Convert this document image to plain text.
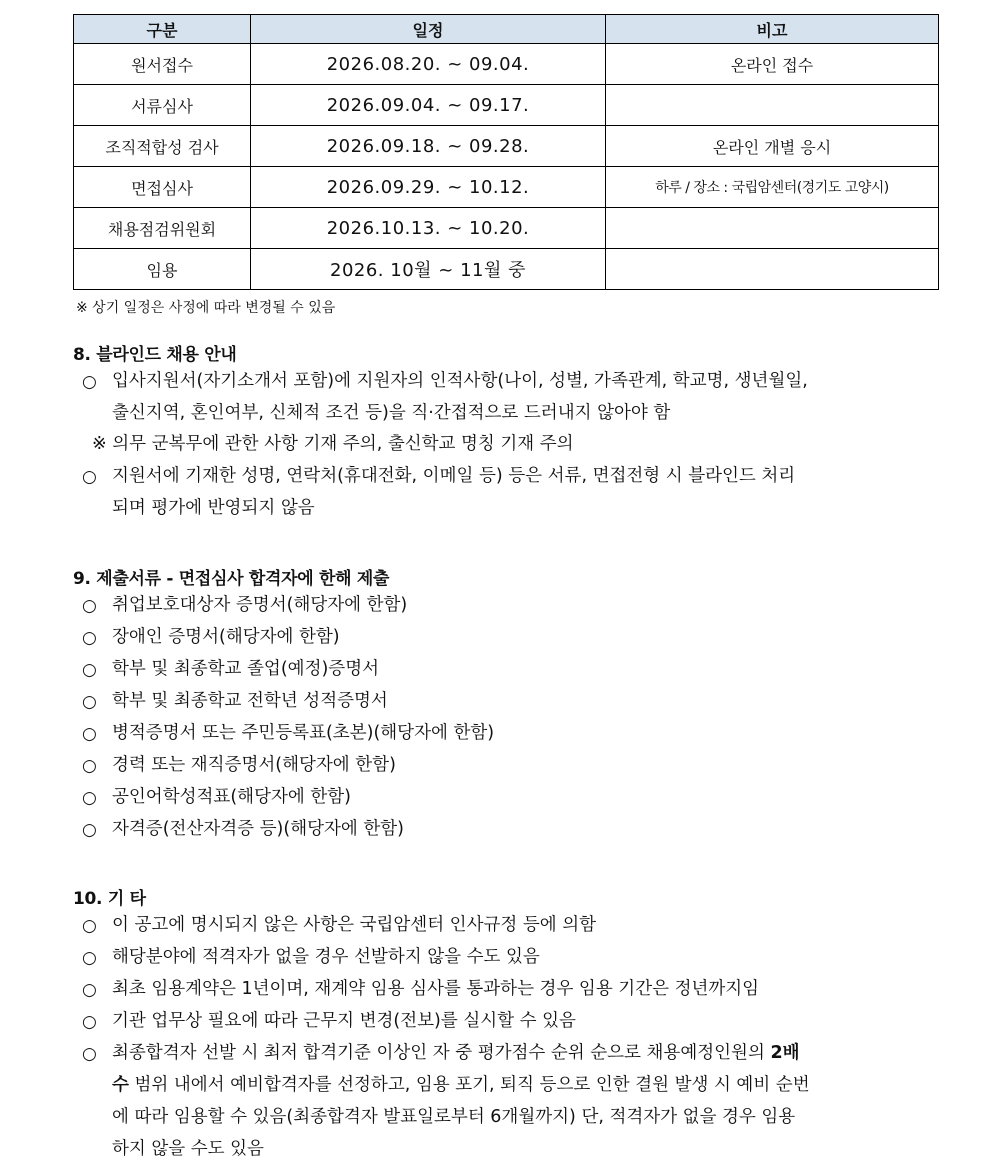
구분	일정	비고
원서접수	2026.08.20. ~ 09.04.	온라인 접수
서류심사	2026.09.04. ~ 09.17.	
조직적합성 검사	2026.09.18. ~ 09.28.	온라인 개별 응시
면접심사	2026.09.29. ~ 10.12.	하루 / 장소 : 국립암센터(경기도 고양시)
채용점검위원회	2026.10.13. ~ 10.20.	
임용	2026. 10월 ~ 11월 중	
※ 상기 일정은 사정에 따라 변경될 수 있음
8. 블라인드 채용 안내
○ 입사지원서(자기소개서 포함)에 지원자의 인적사항(나이, 성별, 가족관계, 학교명, 생년월일,
출신지역, 혼인여부, 신체적 조건 등)을 직·간접적으로 드러내지 않아야 함
※ 의무 군복무에 관한 사항 기재 주의, 출신학교 명칭 기재 주의
○ 지원서에 기재한 성명, 연락처(휴대전화, 이메일 등) 등은 서류, 면접전형 시 블라인드 처리
되며 평가에 반영되지 않음
9. 제출서류 - 면접심사 합격자에 한해 제출
○ 취업보호대상자 증명서(해당자에 한함)
○ 장애인 증명서(해당자에 한함)
○ 학부 및 최종학교 졸업(예정)증명서
○ 학부 및 최종학교 전학년 성적증명서
○ 병적증명서 또는 주민등록표(초본)(해당자에 한함)
○ 경력 또는 재직증명서(해당자에 한함)
○ 공인어학성적표(해당자에 한함)
○ 자격증(전산자격증 등)(해당자에 한함)
10. 기 타
○ 이 공고에 명시되지 않은 사항은 국립암센터 인사규정 등에 의함
○ 해당분야에 적격자가 없을 경우 선발하지 않을 수도 있음
○ 최초 임용계약은 1년이며, 재계약 임용 심사를 통과하는 경우 임용 기간은 정년까지임
○ 기관 업무상 필요에 따라 근무지 변경(전보)를 실시할 수 있음
○ 최종합격자 선발 시 최저 합격기준 이상인 자 중 평가점수 순위 순으로 채용예정인원의 2배
수 범위 내에서 예비합격자를 선정하고, 임용 포기, 퇴직 등으로 인한 결원 발생 시 예비 순번
에 따라 임용할 수 있음(최종합격자 발표일로부터 6개월까지) 단, 적격자가 없을 경우 임용
하지 않을 수도 있음
